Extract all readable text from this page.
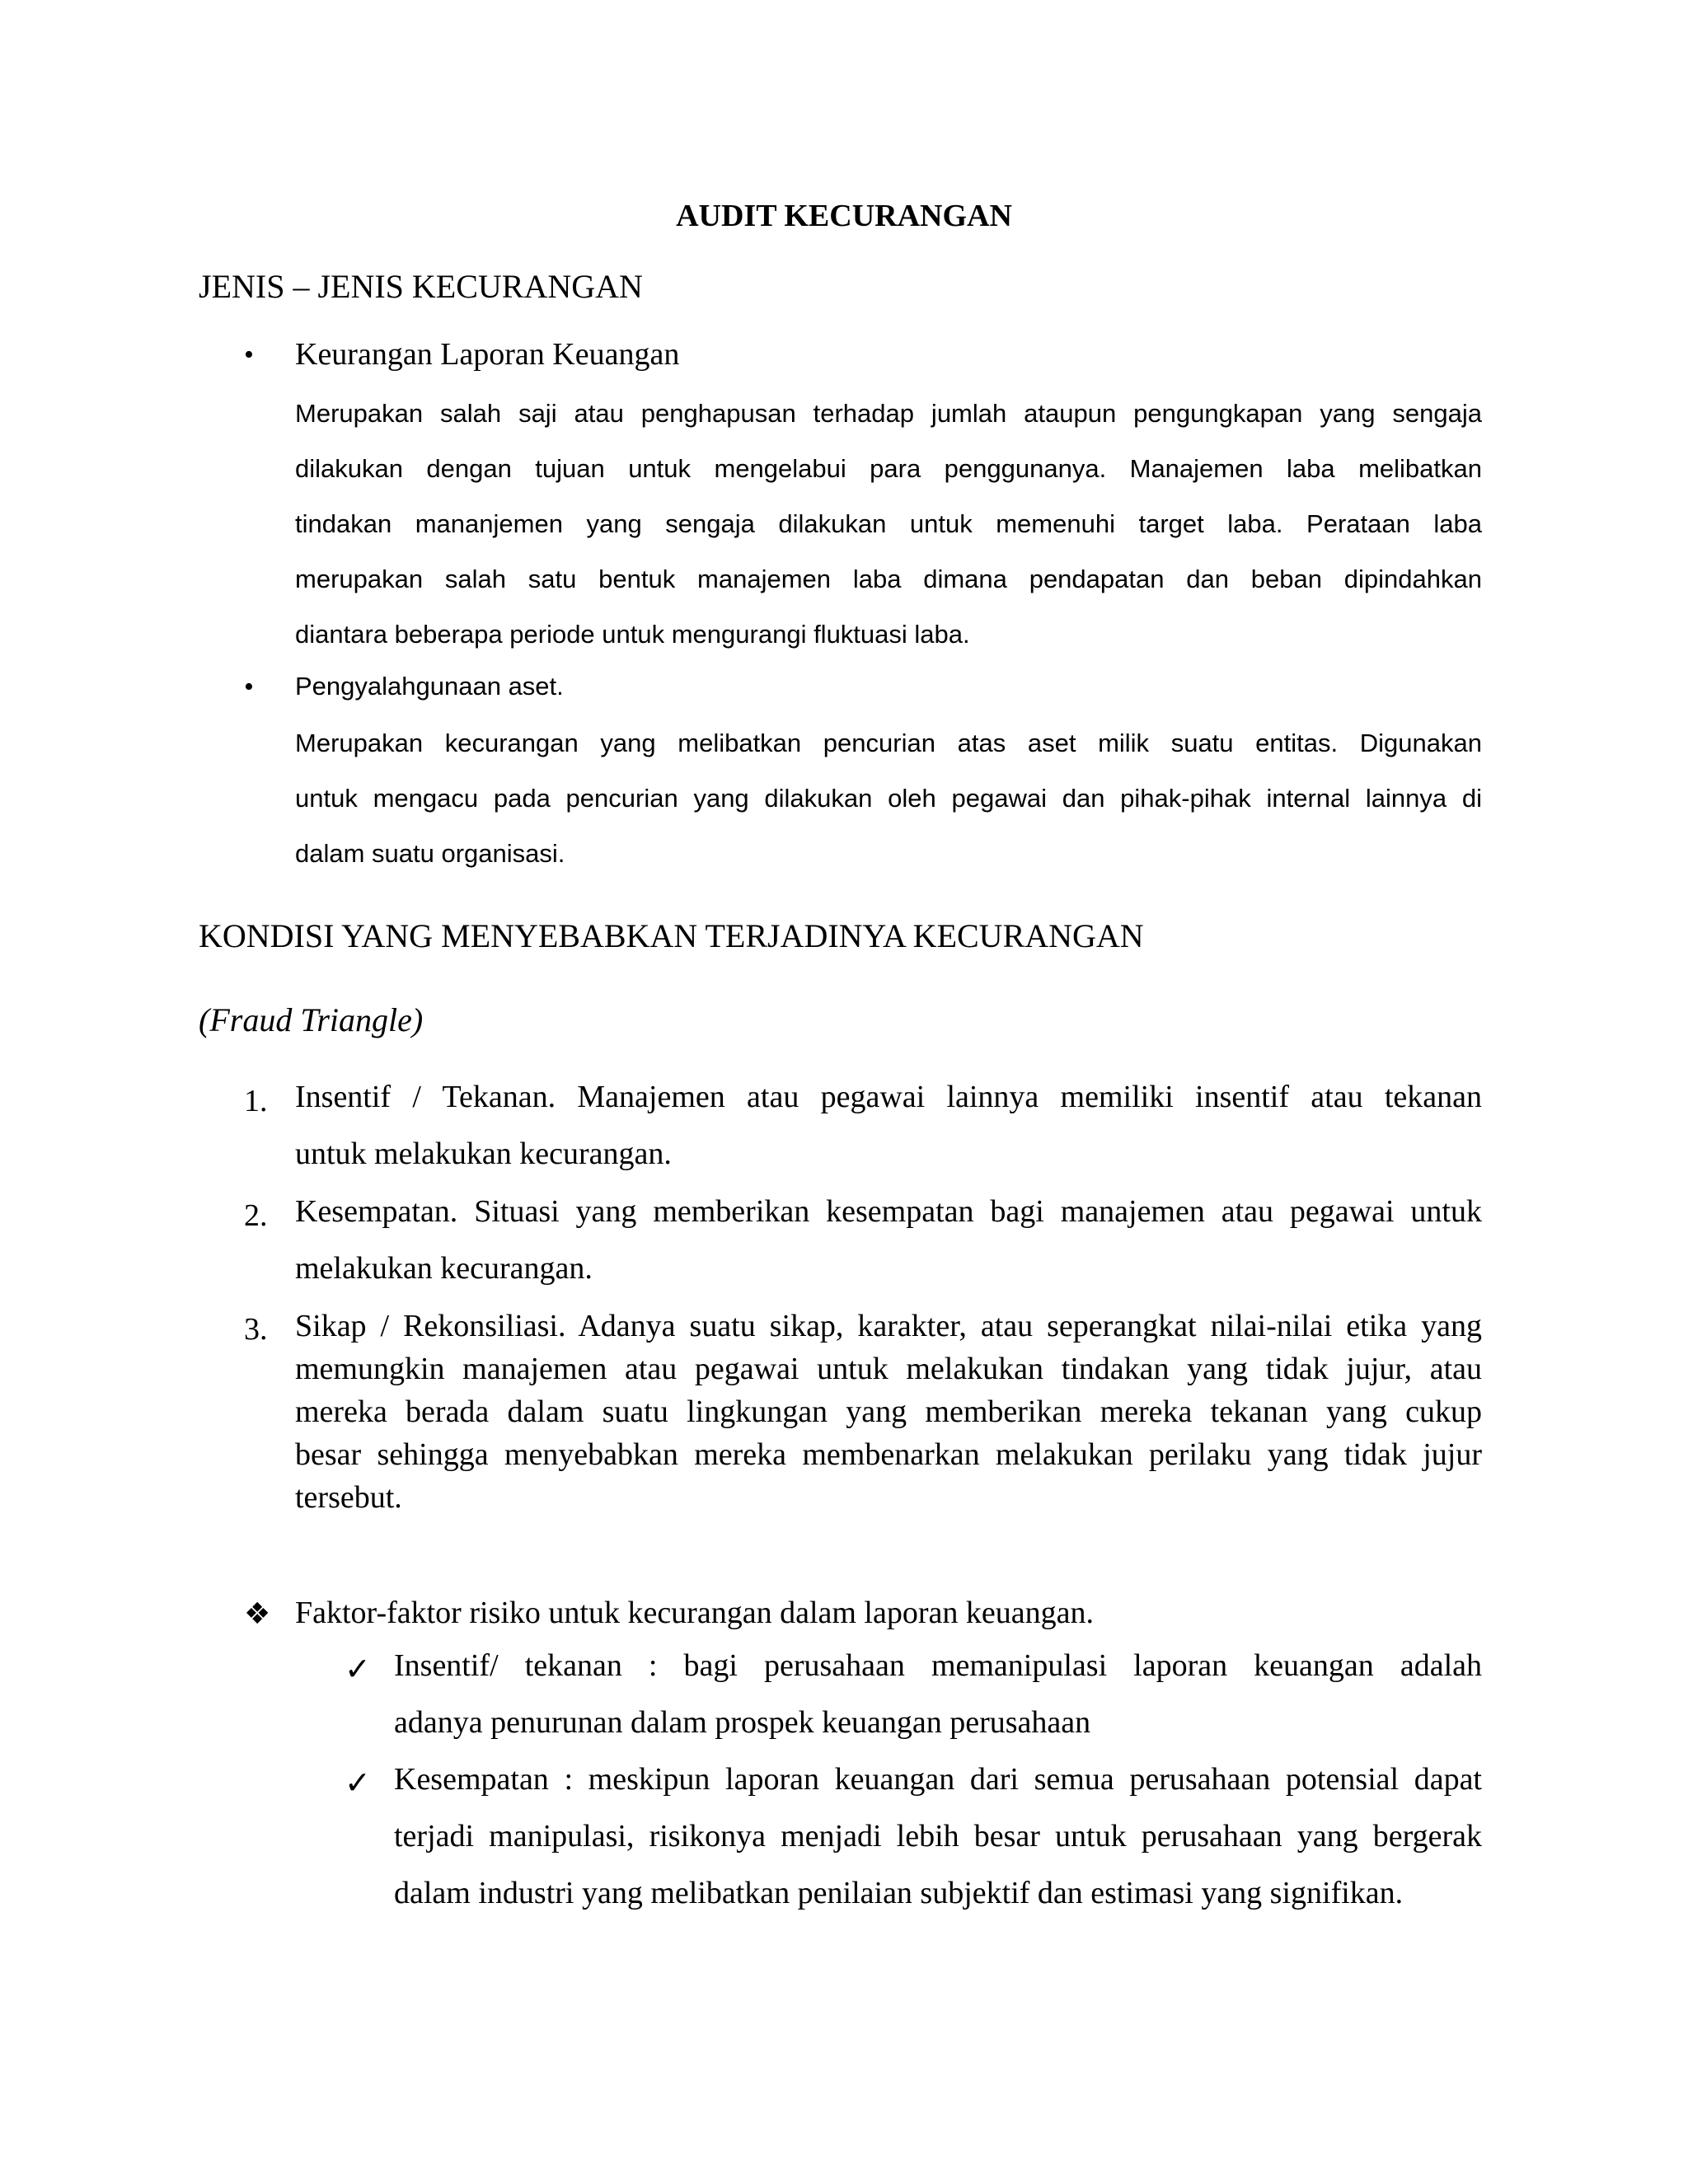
AUDIT KECURANGAN
JENIS – JENIS KECURANGAN
• Keurangan Laporan Keuangan
Merupakan salah saji atau penghapusan terhadap jumlah ataupun pengungkapan yang sengaja
dilakukan dengan tujuan untuk mengelabui para penggunanya. Manajemen laba melibatkan
tindakan mananjemen yang sengaja dilakukan untuk memenuhi target laba. Perataan laba
merupakan salah satu bentuk manajemen laba dimana pendapatan dan beban dipindahkan
diantara beberapa periode untuk mengurangi fluktuasi laba.
• Pengyalahgunaan aset.
Merupakan kecurangan yang melibatkan pencurian atas aset milik suatu entitas. Digunakan
untuk mengacu pada pencurian yang dilakukan oleh pegawai dan pihak-pihak internal lainnya di
dalam suatu organisasi.
KONDISI YANG MENYEBABKAN TERJADINYA KECURANGAN
(Fraud Triangle)
1. Insentif / Tekanan. Manajemen atau pegawai lainnya memiliki insentif atau tekanan
untuk melakukan kecurangan.
2. Kesempatan. Situasi yang memberikan kesempatan bagi manajemen atau pegawai untuk
melakukan kecurangan.
3. Sikap / Rekonsiliasi. Adanya suatu sikap, karakter, atau seperangkat nilai-nilai etika yang
memungkin manajemen atau pegawai untuk melakukan tindakan yang tidak jujur, atau
mereka berada dalam suatu lingkungan yang memberikan mereka tekanan yang cukup
besar sehingga menyebabkan mereka membenarkan melakukan perilaku yang tidak jujur
tersebut.
❖ Faktor-faktor risiko untuk kecurangan dalam laporan keuangan.
✓ Insentif/ tekanan : bagi perusahaan memanipulasi laporan keuangan adalah
adanya penurunan dalam prospek keuangan perusahaan
✓ Kesempatan : meskipun laporan keuangan dari semua perusahaan potensial dapat
terjadi manipulasi, risikonya menjadi lebih besar untuk perusahaan yang bergerak
dalam industri yang melibatkan penilaian subjektif dan estimasi yang signifikan.
